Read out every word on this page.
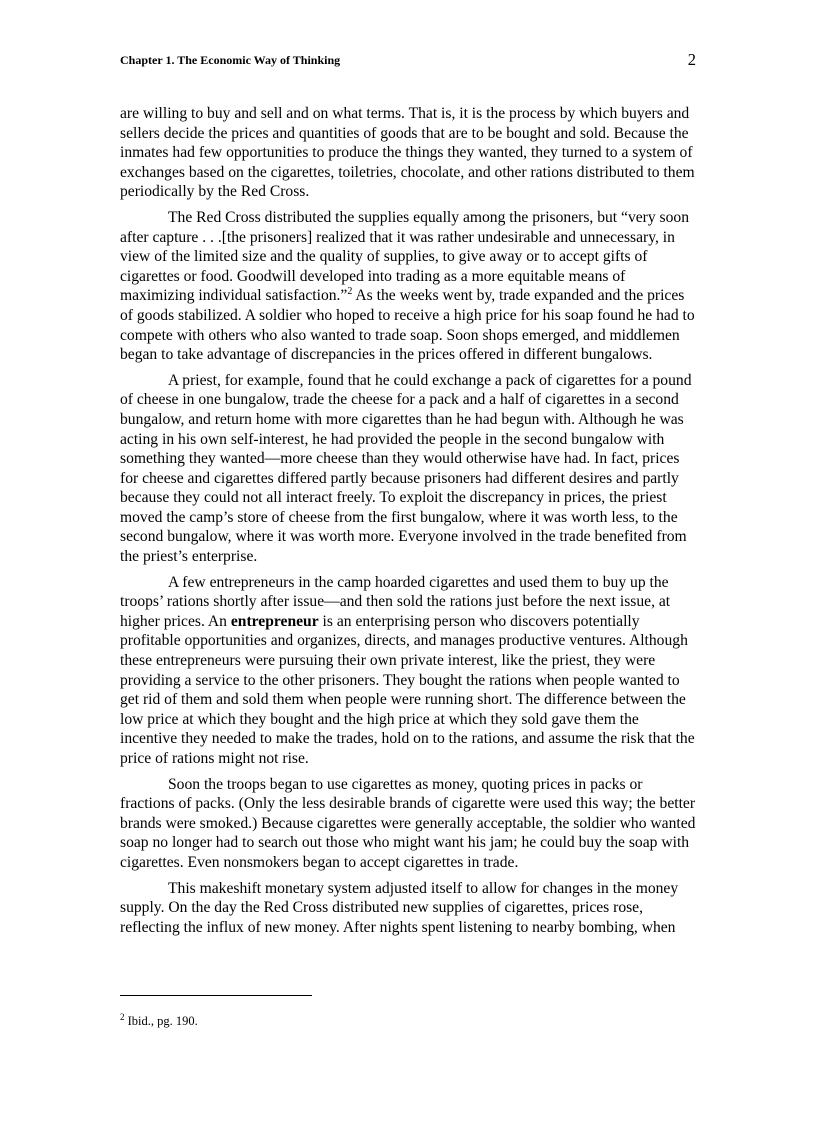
Chapter 1. The Economic Way of Thinking	2

are willing to buy and sell and on what terms. That is, it is the process by which buyers and sellers decide the prices and quantities of goods that are to be bought and sold. Because the inmates had few opportunities to produce the things they wanted, they turned to a system of exchanges based on the cigarettes, toiletries, chocolate, and other rations distributed to them periodically by the Red Cross.

The Red Cross distributed the supplies equally among the prisoners, but “very soon after capture . . .[the prisoners] realized that it was rather undesirable and unnecessary, in view of the limited size and the quality of supplies, to give away or to accept gifts of cigarettes or food. Goodwill developed into trading as a more equitable means of maximizing individual satisfaction.”$^2$ As the weeks went by, trade expanded and the prices of goods stabilized. A soldier who hoped to receive a high price for his soap found he had to compete with others who also wanted to trade soap. Soon shops emerged, and middlemen began to take advantage of discrepancies in the prices offered in different bungalows.

A priest, for example, found that he could exchange a pack of cigarettes for a pound of cheese in one bungalow, trade the cheese for a pack and a half of cigarettes in a second bungalow, and return home with more cigarettes than he had begun with. Although he was acting in his own self-interest, he had provided the people in the second bungalow with something they wanted—more cheese than they would otherwise have had. In fact, prices for cheese and cigarettes differed partly because prisoners had different desires and partly because they could not all interact freely. To exploit the discrepancy in prices, the priest moved the camp’s store of cheese from the first bungalow, where it was worth less, to the second bungalow, where it was worth more. Everyone involved in the trade benefited from the priest’s enterprise.

A few entrepreneurs in the camp hoarded cigarettes and used them to buy up the troops’ rations shortly after issue—and then sold the rations just before the next issue, at higher prices. An entrepreneur is an enterprising person who discovers potentially profitable opportunities and organizes, directs, and manages productive ventures. Although these entrepreneurs were pursuing their own private interest, like the priest, they were providing a service to the other prisoners. They bought the rations when people wanted to get rid of them and sold them when people were running short. The difference between the low price at which they bought and the high price at which they sold gave them the incentive they needed to make the trades, hold on to the rations, and assume the risk that the price of rations might not rise.

Soon the troops began to use cigarettes as money, quoting prices in packs or fractions of packs. (Only the less desirable brands of cigarette were used this way; the better brands were smoked.) Because cigarettes were generally acceptable, the soldier who wanted soap no longer had to search out those who might want his jam; he could buy the soap with cigarettes. Even nonsmokers began to accept cigarettes in trade.

This makeshift monetary system adjusted itself to allow for changes in the money supply. On the day the Red Cross distributed new supplies of cigarettes, prices rose, reflecting the influx of new money. After nights spent listening to nearby bombing, when

$^2$ Ibid., pg. 190.
